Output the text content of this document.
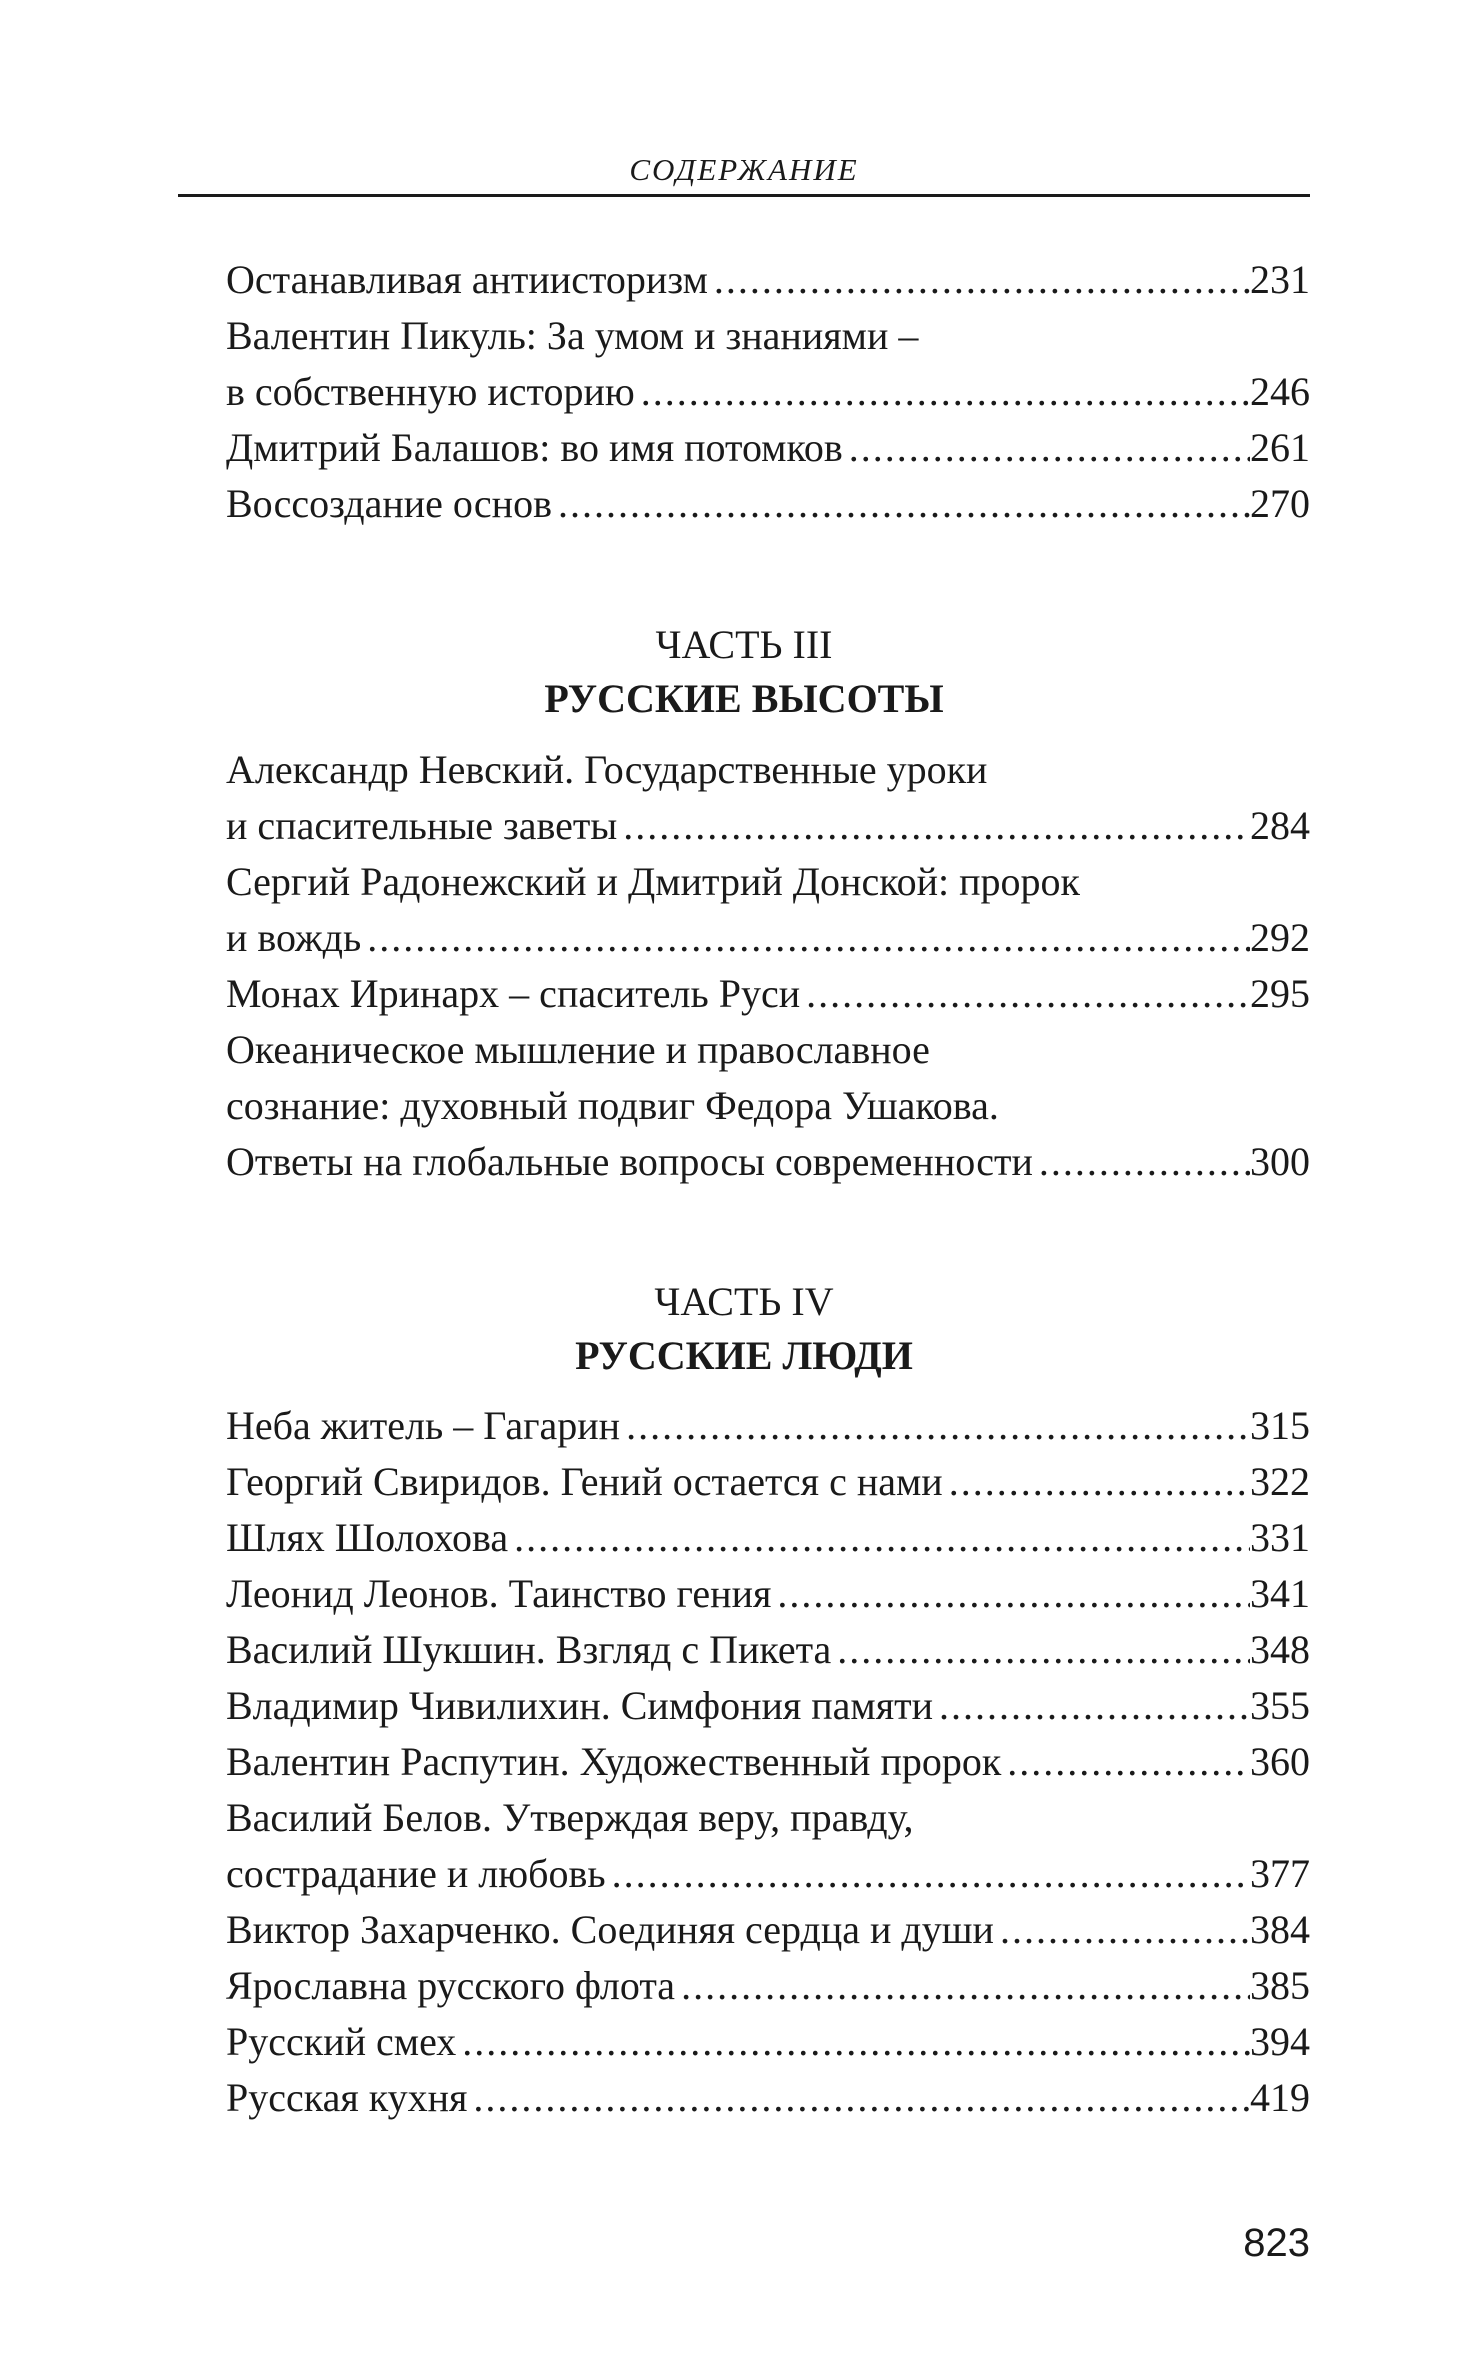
СОДЕРЖАНИЕ
Останавливая антиисторизм . . .	231
Валентин Пикуль: За умом и знаниями –
в собственную историю . . .	246
Дмитрий Балашов: во имя потомков . . .	261
Воссоздание основ . . .	270
ЧАСТЬ III
РУССКИЕ ВЫСОТЫ
Александр Невский. Государственные уроки
и спасительные заветы . . .	284
Сергий Радонежский и Дмитрий Донской: пророк
и вождь . . .	292
Монах Иринарх – спаситель Руси . . .	295
Океаническое мышление и православное
сознание: духовный подвиг Федора Ушакова.
Ответы на глобальные вопросы современности . . .	300
ЧАСТЬ IV
РУССКИЕ ЛЮДИ
Неба житель – Гагарин . . .	315
Георгий Свиридов. Гений остается с нами . . .	322
Шлях Шолохова . . .	331
Леонид Леонов. Таинство гения . . .	341
Василий Шукшин. Взгляд с Пикета . . .	348
Владимир Чивилихин. Симфония памяти . . .	355
Валентин Распутин. Художественный пророк . . .	360
Василий Белов. Утверждая веру, правду,
сострадание и любовь . . .	377
Виктор Захарченко. Соединяя сердца и души . . .	384
Ярославна русского флота . . .	385
Русский смех . . .	394
Русская кухня . . .	419
823
